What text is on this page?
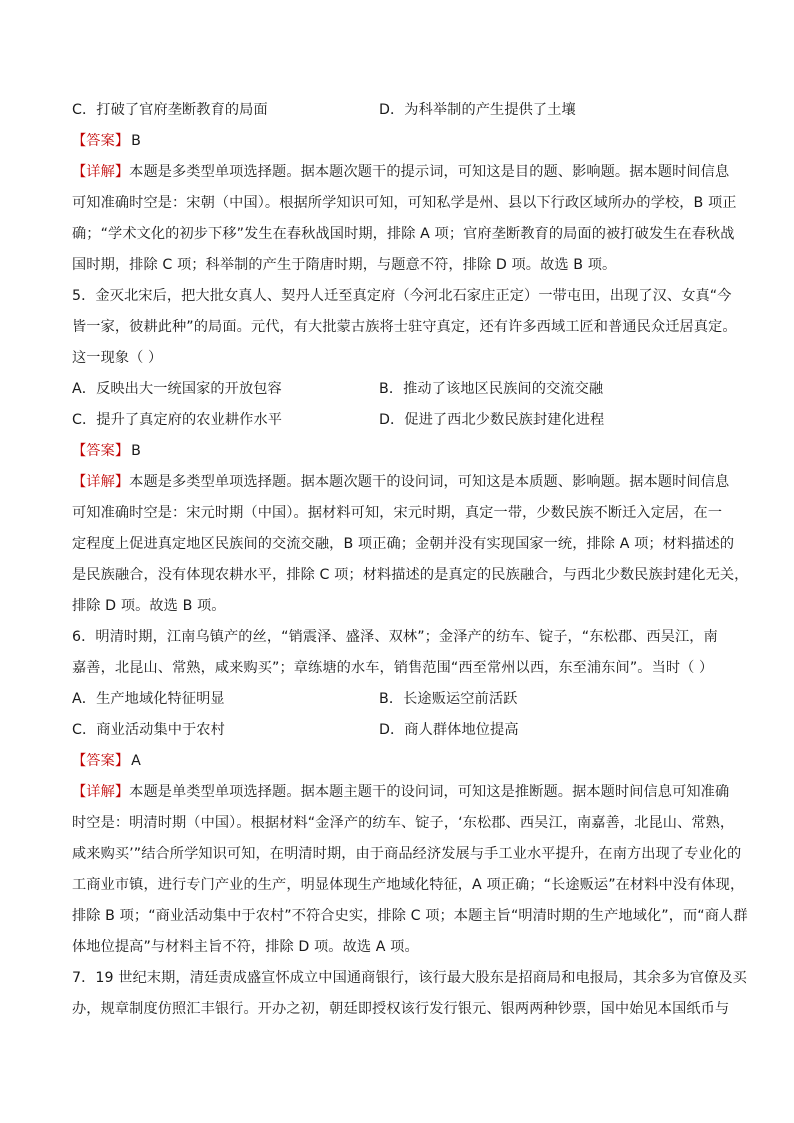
C．打破了官府垄断教育的局面	D．为科举制的产生提供了土壤
【答案】 B
【详解】本题是多类型单项选择题。据本题次题干的提示词，可知这是目的题、影响题。据本题时间信息
可知准确时空是：宋朝（中国）。根据所学知识可知，可知私学是州、县以下行政区域所办的学校，B 项正
确；“学术文化的初步下移”发生在春秋战国时期，排除 A 项；官府垄断教育的局面的被打破发生在春秋战
国时期，排除 C 项；科举制的产生于隋唐时期，与题意不符，排除 D 项。故选 B 项。
5．金灭北宋后，把大批女真人、契丹人迁至真定府（今河北石家庄正定）一带屯田，出现了汉、女真“今
皆一家，彼耕此种”的局面。元代，有大批蒙古族将士驻守真定，还有许多西域工匠和普通民众迁居真定。
这一现象（ ）
A．反映出大一统国家的开放包容	B．推动了该地区民族间的交流交融
C．提升了真定府的农业耕作水平	D．促进了西北少数民族封建化进程
【答案】 B
【详解】本题是多类型单项选择题。据本题次题干的设问词，可知这是本质题、影响题。据本题时间信息
可知准确时空是：宋元时期（中国）。据材料可知，宋元时期，真定一带，少数民族不断迁入定居，在一
定程度上促进真定地区民族间的交流交融，B 项正确；金朝并没有实现国家一统，排除 A 项；材料描述的
是民族融合，没有体现农耕水平，排除 C 项；材料描述的是真定的民族融合，与西北少数民族封建化无关，
排除 D 项。故选 B 项。
6．明清时期，江南乌镇产的丝，“销震泽、盛泽、双林”；金泽产的纺车、锭子，“东松郡、西吴江，南
嘉善，北昆山、常熟，咸来购买”；章练塘的水车，销售范围“西至常州以西，东至浦东间”。当时（ ）
A．生产地域化特征明显	B．长途贩运空前活跃
C．商业活动集中于农村	D．商人群体地位提高
【答案】 A
【详解】本题是单类型单项选择题。据本题主题干的设问词，可知这是推断题。据本题时间信息可知准确
时空是：明清时期（中国）。根据材料“金泽产的纺车、锭子，‘东松郡、西吴江，南嘉善，北昆山、常熟，
咸来购买’”结合所学知识可知，在明清时期，由于商品经济发展与手工业水平提升，在南方出现了专业化的
工商业市镇，进行专门产业的生产，明显体现生产地域化特征，A 项正确；“长途贩运”在材料中没有体现，
排除 B 项；“商业活动集中于农村”不符合史实，排除 C 项；本题主旨“明清时期的生产地域化”，而“商人群
体地位提高”与材料主旨不符，排除 D 项。故选 A 项。
7．19 世纪末期，清廷责成盛宣怀成立中国通商银行，该行最大股东是招商局和电报局，其余多为官僚及买
办，规章制度仿照汇丰银行。开办之初，朝廷即授权该行发行银元、银两两种钞票，国中始见本国纸币与
